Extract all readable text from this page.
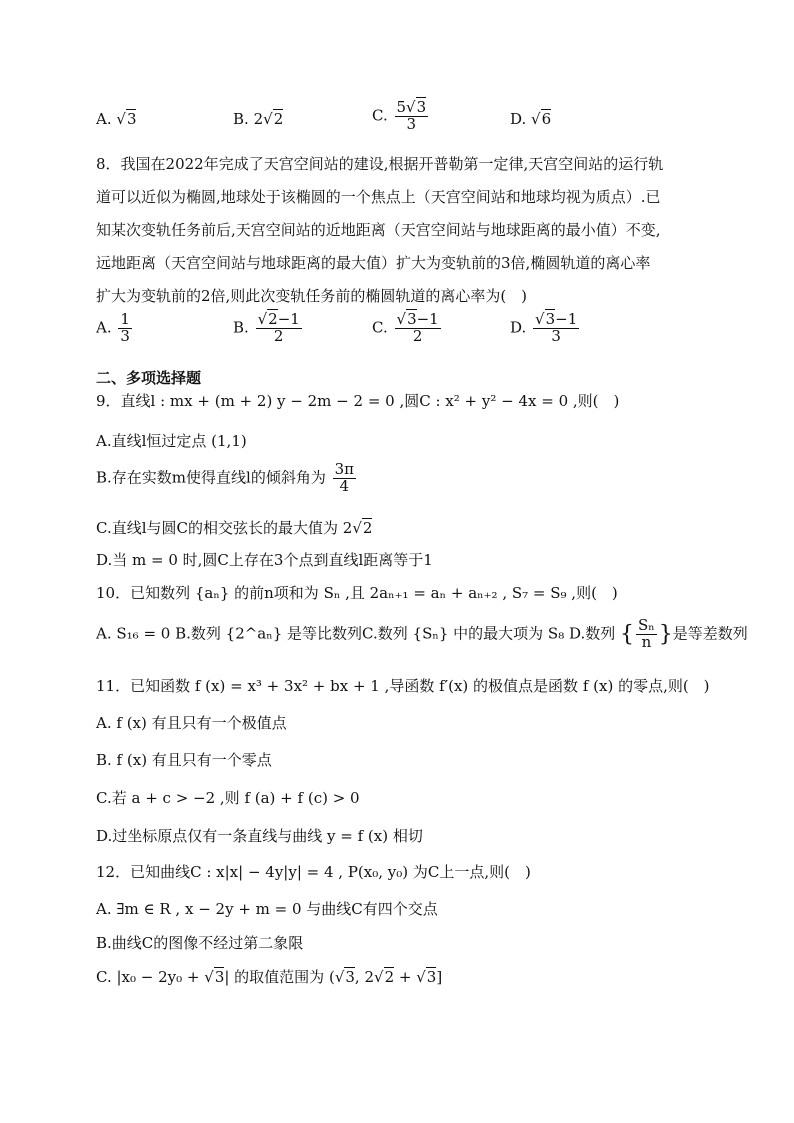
A. √3	B. 2√2	C. $\frac{5√3}{3}$	D. √6
8．我国在2022年完成了天宫空间站的建设,根据开普勒第一定律,天宫空间站的运行轨
道可以近似为椭圆,地球处于该椭圆的一个焦点上（天宫空间站和地球均视为质点）.已
知某次变轨任务前后,天宫空间站的近地距离（天宫空间站与地球距离的最小值）不变,
远地距离（天宫空间站与地球距离的最大值）扩大为变轨前的3倍,椭圆轨道的离心率
扩大为变轨前的2倍,则此次变轨任务前的椭圆轨道的离心率为(　)
A. $\frac{1}{3}$	B. $\frac{√2-1}{2}$	C. $\frac{√3-1}{2}$	D. $\frac{√3-1}{3}$
二、多项选择题
9．直线l : mx + (m + 2) y − 2m − 2 = 0 ,圆C : x² + y² − 4x = 0 ,则(　)
A.直线l恒过定点 (1,1)
B.存在实数m使得直线l的倾斜角为 $\frac{3\pi}{4}$
C.直线l与圆C的相交弦长的最大值为 2√2
D.当 m = 0 时,圆C上存在3个点到直线l距离等于1
10．已知数列 {aₙ} 的前n项和为 Sₙ ,且 2aₙ₊₁ = aₙ + aₙ₊₂ , S₇ = S₉ ,则(　)
A. S₁₆ = 0 B.数列 {2^aₙ} 是等比数列C.数列 {Sₙ} 中的最大项为 S₈ D.数列 { $\frac{\text{Sₙ}}{n}$ }是等差数列
11．已知函数 f (x) = x³ + 3x² + bx + 1 ,导函数 f′(x) 的极值点是函数 f (x) 的零点,则(　)
A. f (x) 有且只有一个极值点
B. f (x) 有且只有一个零点
C.若 a + c > −2 ,则 f (a) + f (c) > 0
D.过坐标原点仅有一条直线与曲线 y = f (x) 相切
12．已知曲线C : x|x| − 4y|y| = 4 , P(x₀, y₀) 为C上一点,则(　)
A. ∃m ∈ R , x − 2y + m = 0 与曲线C有四个交点
B.曲线C的图像不经过第二象限
C. |x₀ − 2y₀ + √3| 的取值范围为 (√3, 2√2 + √3]
